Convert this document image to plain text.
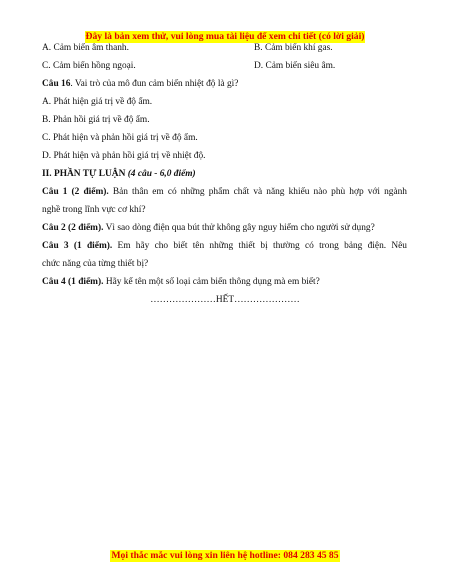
Đây là bản xem thử, vui lòng mua tài liệu để xem chi tiết (có lời giải)
A. Cảm biến âm thanh.	B. Cảm biến khí gas.
C. Cảm biến hồng ngoại.	D. Cảm biến siêu âm.
Câu 16. Vai trò của mô đun cảm biến nhiệt độ là gì?
A. Phát hiện giá trị về độ ẩm.
B. Phản hồi giá trị về độ ẩm.
C. Phát hiện và phản hồi giá trị về độ ẩm.
D. Phát hiện và phản hồi giá trị về nhiệt độ.
II. PHẦN TỰ LUẬN (4 câu - 6,0 điểm)
Câu 1 (2 điểm). Bản thân em có những phẩm chất và năng khiếu nào phù hợp với ngành
nghề trong lĩnh vực cơ khí?
Câu 2 (2 điểm). Vì sao dòng điện qua bút thử không gây nguy hiểm cho người sử dụng?
Câu 3 (1 điểm). Em hãy cho biết tên những thiết bị thường có trong bảng điện. Nêu
chức năng của từng thiết bị?
Câu 4 (1 điểm). Hãy kể tên một số loại cảm biến thông dụng mà em biết?
…………………HẾT…………………
Mọi thắc mắc vui lòng xin liên hệ hotline: 084 283 45 85
